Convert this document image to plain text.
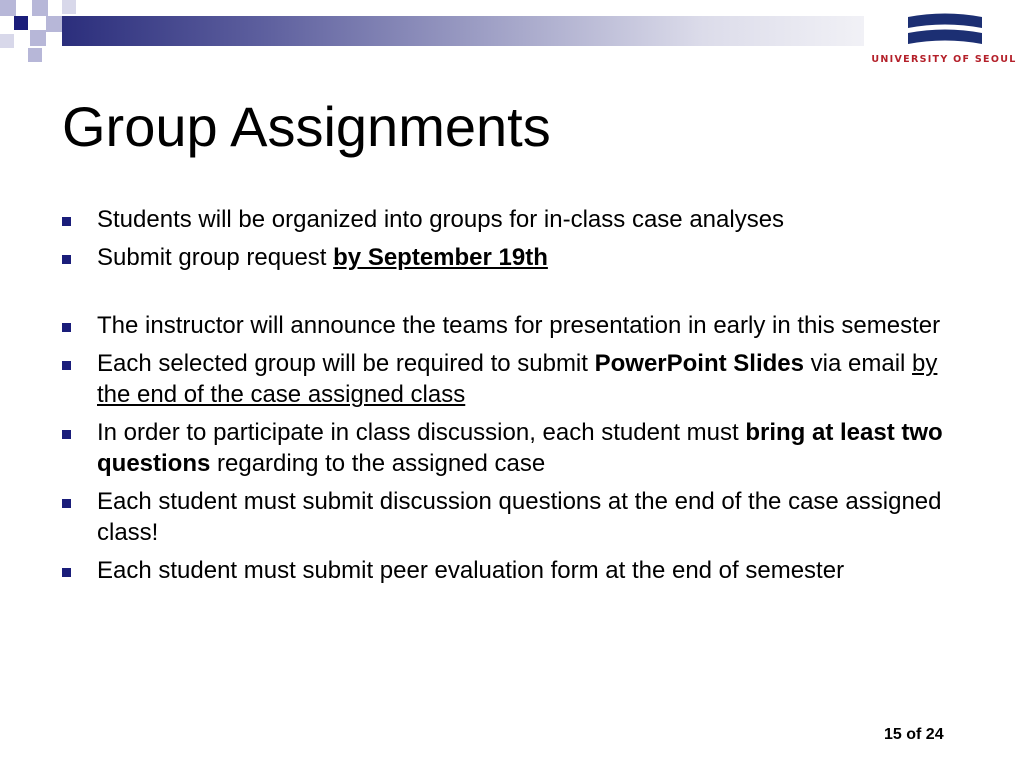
UNIVERSITY OF SEOUL
Group Assignments
Students will be organized into groups for in-class case analyses
Submit group request by September 19th
The instructor will announce the teams for presentation in early in this semester
Each selected group will be required to submit PowerPoint Slides via email by the end of the case assigned class
In order to participate in class discussion, each student must bring at least two questions regarding to the assigned case
Each student must submit discussion questions at the end of the case assigned class!
Each student must submit peer evaluation form at the end of semester
15 of 24
